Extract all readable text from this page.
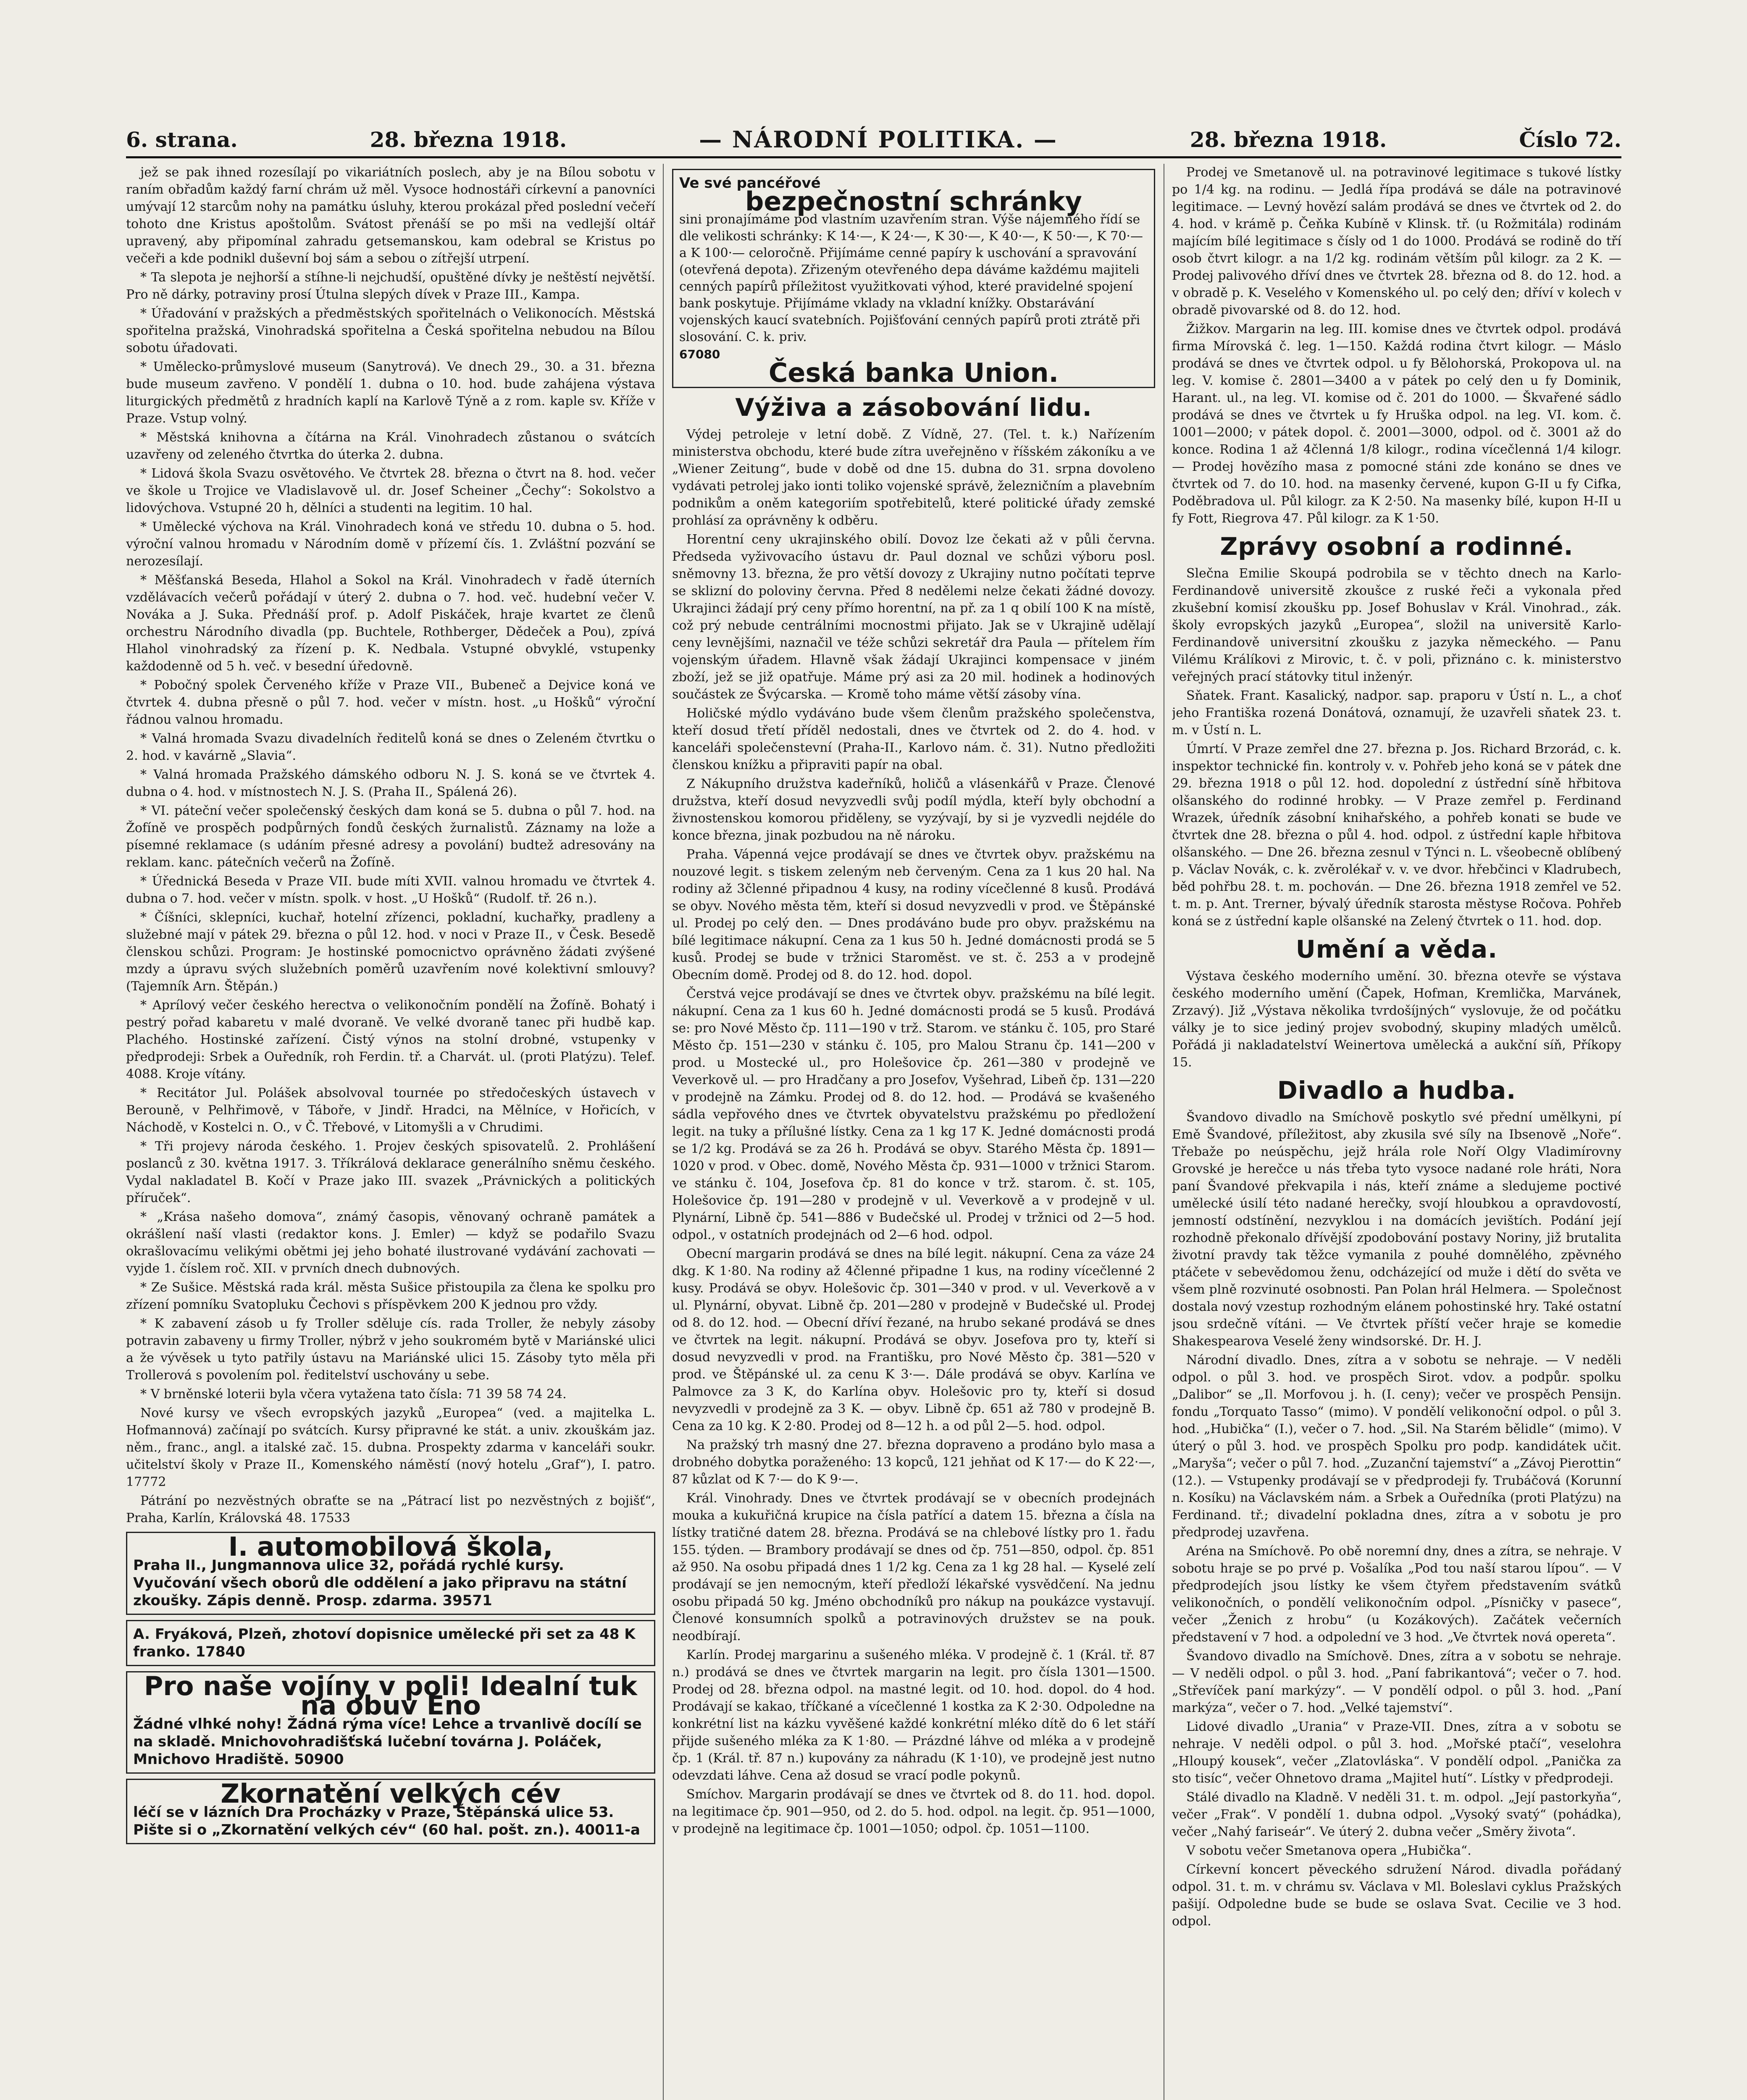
6. strana.	28. března 1918.	— NÁRODNÍ POLITIKA. —	28. března 1918.	Číslo 72.

jež se pak ihned rozesílají po vikariátních poslech, aby je na Bílou sobotu v raním obřadům každý farní chrám už měl. Vysoce hodnostáři církevní a panovníci umývají 12 starcům nohy na památku úsluhy, kterou prokázal před poslední večeří tohoto dne Kristus apoštolům. Svátost přenáší se po mši na vedlejší oltář upravený, aby připomínal zahradu getsemanskou, kam odebral se Kristus po večeři a kde podnikl duševní boj sám a sebou o zítřejší utrpení.

* Ta slepota je nejhorší a stíhne-li nejchudší, opuštěné dívky je neštěstí největší. Pro ně dárky, potraviny prosí Útulna slepých dívek v Praze III., Kampa.

* Úřadování v pražských a předměstských spořitelnách o Velikonocích. Městská spořitelna pražská, Vinohradská spořitelna a Česká spořitelna nebudou na Bílou sobotu úřadovati.

* Umělecko-průmyslové museum (Sanytrová). Ve dnech 29., 30. a 31. března bude museum zavřeno. V pondělí 1. dubna o 10. hod. bude zahájena výstava liturgických předmětů z hradních kaplí na Karlově Týně a z rom. kaple sv. Kříže v Praze. Vstup volný.

* Městská knihovna a čítárna na Král. Vinohradech zůstanou o svátcích uzavřeny od zeleného čtvrtka do úterka 2. dubna.

* Lidová škola Svazu osvětového. Ve čtvrtek 28. března o čtvrt na 8. hod. večer ve škole u Trojice ve Vladislavově ul. dr. Josef Scheiner „Čechy“: Sokolstvo a lidovýchova. Vstupné 20 h, dělníci a studenti na legitim. 10 hal.

* Umělecké výchova na Král. Vinohradech koná ve středu 10. dubna o 5. hod. výroční valnou hromadu v Národním domě v přízemí čís. 1. Zvláštní pozvání se nerozesílají.

* Měšťanská Beseda, Hlahol a Sokol na Král. Vinohradech v řadě úterních vzdělávacích večerů pořádají v úterý 2. dubna o 7. hod. več. hudební večer V. Nováka a J. Suka. Přednáší prof. p. Adolf Piskáček, hraje kvartet ze členů orchestru Národního divadla (pp. Buchtele, Rothberger, Dědeček a Pou), zpívá Hlahol vinohradský za řízení p. K. Nedbala. Vstupné obvyklé, vstupenky každodenně od 5 h. več. v besední úředovně.

* Pobočný spolek Červeného kříže v Praze VII., Bubeneč a Dejvice koná ve čtvrtek 4. dubna přesně o půl 7. hod. večer v místn. host. „u Hošků“ výroční řádnou valnou hromadu.

* Valná hromada Svazu divadelních ředitelů koná se dnes o Zeleném čtvrtku o 2. hod. v kavárně „Slavia“.

* Valná hromada Pražského dámského odboru N. J. S. koná se ve čtvrtek 4. dubna o 4. hod. v místnostech N. J. S. (Praha II., Spálená 26).

* VI. páteční večer společenský českých dam koná se 5. dubna o půl 7. hod. na Žofíně ve prospěch podpůrných fondů českých žurnalistů. Záznamy na lože a písemné reklamace (s udáním přesné adresy a povolání) budtež adresovány na reklam. kanc. pátečních večerů na Žofíně.

* Úřednická Beseda v Praze VII. bude míti XVII. valnou hromadu ve čtvrtek 4. dubna o 7. hod. večer v místn. spolk. v host. „U Hošků“ (Rudolf. tř. 26 n.).

* Číšníci, sklepníci, kuchař, hotelní zřízenci, pokladní, kuchařky, pradleny a služebné mají v pátek 29. března o půl 12. hod. v noci v Praze II., v Česk. Besedě členskou schůzi. Program: Je hostinské pomocnictvo oprávněno žádati zvýšené mzdy a úpravu svých služebních poměrů uzavřením nové kolektivní smlouvy? (Tajemník Arn. Štěpán.)

* Aprílový večer českého herectva o velikonočním pondělí na Žofíně. Bohatý i pestrý pořad kabaretu v malé dvoraně. Ve velké dvoraně tanec při hudbě kap. Plachého. Hostinské zařízení. Čistý výnos na stolní drobné, vstupenky v předprodeji: Srbek a Ouředník, roh Ferdin. tř. a Charvát. ul. (proti Platýzu). Telef. 4088. Kroje vítány.

* Recitátor Jul. Polášek absolvoval tournée po středočeských ústavech v Berouně, v Pelhřimově, v Táboře, v Jindř. Hradci, na Mělníce, v Hořicích, v Náchodě, v Kostelci n. O., v Č. Třebové, v Litomyšli a v Chrudimi.

* Tři projevy národa českého. 1. Projev českých spisovatelů. 2. Prohlášení poslanců z 30. května 1917. 3. Tříkrálová deklarace generálního sněmu českého. Vydal nakladatel B. Kočí v Praze jako III. svazek „Právnických a politických příruček“.

* „Krása našeho domova“, známý časopis, věnovaný ochraně památek a okrášlení naší vlasti (redaktor kons. J. Emler) — když se podařilo Svazu okrašlovacímu velikými obětmi jej jeho bohaté ilustrované vydávání zachovati — vyjde 1. číslem roč. XII. v prvních dnech dubnových.

* Ze Sušice. Městská rada král. města Sušice přistoupila za člena ke spolku pro zřízení pomníku Svatopluku Čechovi s příspěvkem 200 K jednou pro vždy.

* K zabavení zásob u fy Troller sděluje cís. rada Troller, že nebyly zásoby potravin zabaveny u firmy Troller, nýbrž v jeho soukromém bytě v Mariánské ulici a že vývěsek u tyto patřily ústavu na Mariánské ulici 15. Zásoby tyto měla při Trollerová s povolením pol. ředitelství uschovány u sebe.

* V brněnské loterii byla včera vytažena tato čísla: 71 39 58 74 24.

Nové kursy ve všech evropských jazyků „Europea“ (ved. a majitelka L. Hofmannová) začínají po svátcích. Kursy připravné ke stát. a univ. zkouškám jaz. něm., franc., angl. a italské zač. 15. dubna. Prospekty zdarma v kanceláři soukr. učitelství školy v Praze II., Komenského náměstí (nový hotelu „Graf“), I. patro. 17772

Pátrání po nezvěstných obraťte se na „Pátrací list po nezvěstných z bojišť“, Praha, Karlín, Královská 48. 17533

I. automobilová škola,
Praha II., Jungmannova ulice 32, pořádá rychlé kursy. Vyučování všech oborů dle oddělení a jako připravu na státní zkoušky. Zápis denně. Prosp. zdarma. 39571
A. Fryáková, Plzeň, zhotoví dopisnice umělecké při set za 48 K franko. 17840
Pro naše vojíny v poli! Idealní tuk na obuv Eno
Žádné vlhké nohy! Žádná rýma více! Lehce a trvanlivě docílí se na skladě. Mnichovohradišťská lučební továrna J. Poláček, Mnichovo Hradiště. 50900
Zkornatění velkých cév
léčí se v lázních Dra Procházky v Praze, Štěpánská ulice 53. Pište si o „Zkornatění velkých cév“ (60 hal. pošt. zn.). 40011-a
Ve své pancéřové
bezpečnostní schránky
sini pronajímáme pod vlastním uzavřením stran. Výše nájemného řídí se dle velikosti schránky: K 14·—, K 24·—, K 30·—, K 40·—, K 50·—, K 70·— a K 100·— celoročně. Přijímáme cenné papíry k uschování a spravování (otevřená depota). Zřizeným otevřeného depa dáváme každému majiteli cenných papírů příležitost využitkovati výhod, které pravidelné spojení bank poskytuje. Přijímáme vklady na vkladní knížky. Obstarávání vojenských kaucí svatebních. Pojišťování cenných papírů proti ztrátě při slosování. C. k. priv.
67080
Česká banka Union.
Výživa a zásobování lidu.

Výdej petroleje v letní době. Z Vídně, 27. (Tel. t. k.) Nařízením ministerstva obchodu, které bude zítra uveřejněno v říšském zákoníku a ve „Wiener Zeitung“, bude v době od dne 15. dubna do 31. srpna dovoleno vydávati petrolej jako ionti toliko vojenské správě, železničním a plavebním podnikům a oněm kategoriím spotřebitelů, které politické úřady zemské prohlásí za oprávněny k odběru.

Horentní ceny ukrajinského obilí. Dovoz lze čekati až v půli června. Předseda vyživovacího ústavu dr. Paul doznal ve schůzi výboru posl. sněmovny 13. března, že pro větší dovozy z Ukrajiny nutno počítati teprve se sklizní do poloviny června. Před 8 nedělemi nelze čekati žádné dovozy. Ukrajinci žádají prý ceny přímo horentní, na př. za 1 q obilí 100 K na místě, což prý nebude centrálními mocnostmi přijato. Jak se v Ukrajině udělají ceny levnějšími, naznačil ve téže schůzi sekretář dra Paula — přítelem řím vojenským úřadem. Hlavně však žádají Ukrajinci kompensace v jiném zboží, jež se již opatřuje. Máme prý asi za 20 mil. hodinek a hodinových součástek ze Švýcarska. — Kromě toho máme větší zásoby vína.

Holičské mýdlo vydáváno bude všem členům pražského společenstva, kteří dosud třetí příděl nedostali, dnes ve čtvrtek od 2. do 4. hod. v kanceláři společenstevní (Praha-II., Karlovo nám. č. 31). Nutno předložiti členskou knížku a připraviti papír na obal.

Z Nákupního družstva kadeřníků, holičů a vlásenkářů v Praze. Členové družstva, kteří dosud nevyzvedli svůj podíl mýdla, kteří byly obchodní a živnostenskou komorou přiděleny, se vyzývají, by si je vyzvedli nejdéle do konce března, jinak pozbudou na ně nároku.

Praha. Vápenná vejce prodávají se dnes ve čtvrtek obyv. pražskému na nouzové legit. s tiskem zeleným neb červeným. Cena za 1 kus 20 hal. Na rodiny až 3členné připadnou 4 kusy, na rodiny vícečlenné 8 kusů. Prodává se obyv. Nového města těm, kteří si dosud nevyzvedli v prod. ve Štěpánské ul. Prodej po celý den. — Dnes prodáváno bude pro obyv. pražskému na bílé legitimace nákupní. Cena za 1 kus 50 h. Jedné domácnosti prodá se 5 kusů. Prodej se bude v tržnici Staroměst. ve st. č. 253 a v prodejně Obecním domě. Prodej od 8. do 12. hod. dopol.

Čerstvá vejce prodávají se dnes ve čtvrtek obyv. pražskému na bílé legit. nákupní. Cena za 1 kus 60 h. Jedné domácnosti prodá se 5 kusů. Prodává se: pro Nové Město čp. 111—190 v trž. Starom. ve stánku č. 105, pro Staré Město čp. 151—230 v stánku č. 105, pro Malou Stranu čp. 141—200 v prod. u Mostecké ul., pro Holešovice čp. 261—380 v prodejně ve Veverkově ul. — pro Hradčany a pro Josefov, Vyšehrad, Libeň čp. 131—220 v prodejně na Zámku. Prodej od 8. do 12. hod. — Prodává se kvašeného sádla vepřového dnes ve čtvrtek obyvatelstvu pražskému po předložení legit. na tuky a přílušné lístky. Cena za 1 kg 17 K. Jedné domácnosti prodá se 1/2 kg. Prodává se za 26 h. Prodává se obyv. Starého Města čp. 1891—1020 v prod. v Obec. domě, Nového Města čp. 931—1000 v tržnici Starom. ve stánku č. 104, Josefova čp. 81 do konce v trž. starom. č. st. 105, Holešovice čp. 191—280 v prodejně v ul. Veverkově a v prodejně v ul. Plynární, Libně čp. 541—886 v Budečské ul. Prodej v tržnici od 2—5 hod. odpol., v ostatních prodejnách od 2—6 hod. odpol.

Obecní margarin prodává se dnes na bílé legit. nákupní. Cena za váze 24 dkg. K 1·80. Na rodiny až 4členné připadne 1 kus, na rodiny vícečlenné 2 kusy. Prodává se obyv. Holešovic čp. 301—340 v prod. v ul. Veverkově a v ul. Plynární, obyvat. Libně čp. 201—280 v prodejně v Budečské ul. Prodej od 8. do 12. hod. — Obecní dříví řezané, na hrubo sekané prodává se dnes ve čtvrtek na legit. nákupní. Prodává se obyv. Josefova pro ty, kteří si dosud nevyzvedli v prod. na Františku, pro Nové Město čp. 381—520 v prod. ve Štěpánské ul. za cenu K 3·—. Dále prodává se obyv. Karlína ve Palmovce za 3 K, do Karlína obyv. Holešovic pro ty, kteří si dosud nevyzvedli v prodejně za 3 K. — obyv. Libně čp. 651 až 780 v prodejně B. Cena za 10 kg. K 2·80. Prodej od 8—12 h. a od půl 2—5. hod. odpol.

Na pražský trh masný dne 27. března dopraveno a prodáno bylo masa a drobného dobytka poraženého: 13 kopců, 121 jehňat od K 17·— do K 22·—, 87 kůzlat od K 7·— do K 9·—.

Král. Vinohrady. Dnes ve čtvrtek prodávají se v obecních prodejnách mouka a kukuřičná krupice na čísla patřící a datem 15. března a čísla na lístky tratičné datem 28. března. Prodává se na chlebové lístky pro 1. řadu 155. týden. — Brambory prodávají se dnes od čp. 751—850, odpol. čp. 851 až 950. Na osobu připadá dnes 1 1/2 kg. Cena za 1 kg 28 hal. — Kyselé zelí prodávají se jen nemocným, kteří předloží lékařské vysvědčení. Na jednu osobu připadá 50 kg. Jméno obchodníků pro nákup na poukázce vystavují. Členové konsumních spolků a potravinových družstev se na pouk. neodbírají.

Karlín. Prodej margarinu a sušeného mléka. V prodejně č. 1 (Král. tř. 87 n.) prodává se dnes ve čtvrtek margarin na legit. pro čísla 1301—1500. Prodej od 28. března odpol. na mastné legit. od 10. hod. dopol. do 4 hod. Prodávají se kakao, tříčkané a vícečlenné 1 kostka za K 2·30. Odpoledne na konkrétní list na kázku vyvěšené každé konkrétní mléko dítě do 6 let stáří přijde sušeného mléka za K 1·80. — Prázdné láhve od mléka a v prodejně čp. 1 (Král. tř. 87 n.) kupovány za náhradu (K 1·10), ve prodejně jest nutno odevzdati láhve. Cena až dosud se vrací podle pokynů.

Smíchov. Margarin prodávají se dnes ve čtvrtek od 8. do 11. hod. dopol. na legitimace čp. 901—950, od 2. do 5. hod. odpol. na legit. čp. 951—1000, v prodejně na legitimace čp. 1001—1050; odpol. čp. 1051—1100.

Prodej ve Smetanově ul. na potravinové legitimace s tukové lístky po 1/4 kg. na rodinu. — Jedlá řípa prodává se dále na potravinové legitimace. — Levný hovězí salám prodává se dnes ve čtvrtek od 2. do 4. hod. v krámě p. Čeňka Kubíně v Klinsk. tř. (u Rožmitála) rodinám majícím bílé legitimace s čísly od 1 do 1000. Prodává se rodině do tří osob čtvrt kilogr. a na 1/2 kg. rodinám větším půl kilogr. za 2 K. — Prodej palivového dříví dnes ve čtvrtek 28. března od 8. do 12. hod. a v obradě p. K. Veselého v Komenského ul. po celý den; dříví v kolech v obradě pivovarské od 8. do 12. hod.

Žižkov. Margarin na leg. III. komise dnes ve čtvrtek odpol. prodává firma Mírovská č. leg. 1—150. Každá rodina čtvrt kilogr. — Máslo prodává se dnes ve čtvrtek odpol. u fy Bělohorská, Prokopova ul. na leg. V. komise č. 2801—3400 a v pátek po celý den u fy Dominik, Harant. ul., na leg. VI. komise od č. 201 do 1000. — Škvařené sádlo prodává se dnes ve čtvrtek u fy Hruška odpol. na leg. VI. kom. č. 1001—2000; v pátek dopol. č. 2001—3000, odpol. od č. 3001 až do konce. Rodina 1 až 4členná 1/8 kilogr., rodina vícečlenná 1/4 kilogr. — Prodej hovězího masa z pomocné stáni zde konáno se dnes ve čtvrtek od 7. do 10. hod. na masenky červené, kupon G-II u fy Cifka, Poděbradova ul. Půl kilogr. za K 2·50. Na masenky bílé, kupon H-II u fy Fott, Riegrova 47. Půl kilogr. za K 1·50.

Zprávy osobní a rodinné.

Slečna Emilie Skoupá podrobila se v těchto dnech na Karlo-Ferdinandově universitě zkoušce z ruské řeči a vykonala před zkušební komisí zkoušku pp. Josef Bohuslav v Král. Vinohrad., zák. školy evropských jazyků „Europea“, složil na universitě Karlo-Ferdinandově universitní zkoušku z jazyka německého. — Panu Vilému Králíkovi z Mirovic, t. č. v poli, přiznáno c. k. ministerstvo veřejných prací státovky titul inženýr.

Sňatek. Frant. Kasalický, nadpor. sap. praporu v Ústí n. L., a choť jeho Františka rozená Donátová, oznamují, že uzavřeli sňatek 23. t. m. v Ústí n. L.

Úmrtí. V Praze zemřel dne 27. března p. Jos. Richard Brzorád, c. k. inspektor technické fin. kontroly v. v. Pohřeb jeho koná se v pátek dne 29. března 1918 o půl 12. hod. dopolední z ústřední síně hřbitova olšanského do rodinné hrobky. — V Praze zemřel p. Ferdinand Wrazek, úředník zásobní knihařského, a pohřeb konati se bude ve čtvrtek dne 28. března o půl 4. hod. odpol. z ústřední kaple hřbitova olšanského. — Dne 26. března zesnul v Týnci n. L. všeobecně oblíbený p. Václav Novák, c. k. zvěrolékař v. v. ve dvor. hřebčinci v Kladrubech, běd pohřbu 28. t. m. pochován. — Dne 26. března 1918 zemřel ve 52. t. m. p. Ant. Trerner, bývalý úředník starosta městyse Ročova. Pohřeb koná se z ústřední kaple olšanské na Zelený čtvrtek o 11. hod. dop.

Umění a věda.

Výstava českého moderního umění. 30. března otevře se výstava českého moderního umění (Čapek, Hofman, Kremlička, Marvánek, Zrzavý). Již „Výstava několika tvrdošíjných“ vyslovuje, že od počátku války je to sice jediný projev svobodný, skupiny mladých umělců. Pořádá ji nakladatelství Weinertova umělecká a aukční síň, Příkopy 15.

Divadlo a hudba.

Švandovo divadlo na Smíchově poskytlo své přední umělkyni, pí Emě Švandové, příležitost, aby zkusila své síly na Ibsenově „Noře“. Třebaže po neúspěchu, jejž hrála role Noří Olgy Vladimírovny Grovské je herečce u nás třeba tyto vysoce nadané role hráti, Nora paní Švandové překvapila i nás, kteří známe a sledujeme poctivé umělecké úsilí této nadané herečky, svojí hloubkou a opravdovostí, jemností odstínění, nezvyklou i na domácích jevištích. Podání její rozhodně překonalo dřívější zpodobování postavy Noriny, již brutalita životní pravdy tak těžce vymanila z pouhé domnělého, zpěvného ptáčete v sebevědomou ženu, odcházející od muže i dětí do světa ve všem plně rozvinuté osobnosti. Pan Polan hrál Helmera. — Společnost dostala nový vzestup rozhodným elánem pohostinské hry. Také ostatní jsou srdečně vítáni. — Ve čtvrtek příští večer hraje se komedie Shakespearova Veselé ženy windsorské. Dr. H. J.

Národní divadlo. Dnes, zítra a v sobotu se nehraje. — V neděli odpol. o půl 3. hod. ve prospěch Sirot. vdov. a podpůr. spolku „Dalibor“ se „Il. Morfovou j. h. (I. ceny); večer ve prospěch Pensijn. fondu „Torquato Tasso“ (mimo). V pondělí velikonoční odpol. o půl 3. hod. „Hubička“ (I.), večer o 7. hod. „Sil. Na Starém bělidle“ (mimo). V úterý o půl 3. hod. ve prospěch Spolku pro podp. kandidátek učit. „Maryša“; večer o půl 7. hod. „Zuzanční tajemství“ a „Závoj Pierottin“ (12.). — Vstupenky prodávají se v předprodeji fy. Trubáčová (Korunní n. Kosíku) na Václavském nám. a Srbek a Ouředníka (proti Platýzu) na Ferdinand. tř.; divadelní pokladna dnes, zítra a v sobotu je pro předprodej uzavřena.

Aréna na Smíchově. Po obě noremní dny, dnes a zítra, se nehraje. V sobotu hraje se po prvé p. Vošalíka „Pod tou naší starou lípou“. — V předprodejích jsou lístky ke všem čtyřem představením svátků velikonočních, o pondělí velikonočním odpol. „Písničky v pasece“, večer „Ženich z hrobu“ (u Kozákových). Začátek večerních představení v 7 hod. a odpolední ve 3 hod. „Ve čtvrtek nová opereta“.

Švandovo divadlo na Smíchově. Dnes, zítra a v sobotu se nehraje. — V neděli odpol. o půl 3. hod. „Paní fabrikantová“; večer o 7. hod. „Střevíček paní markýzy“. — V pondělí odpol. o půl 3. hod. „Paní markýza“, večer o 7. hod. „Velké tajemství“.

Lidové divadlo „Urania“ v Praze-VII. Dnes, zítra a v sobotu se nehraje. V neděli odpol. o půl 3. hod. „Mořské ptačí“, veselohra „Hloupý kousek“, večer „Zlatovláska“. V pondělí odpol. „Panička za sto tisíc“, večer Ohnetovo drama „Majitel hutí“. Lístky v předprodeji.

Stálé divadlo na Kladně. V neděli 31. t. m. odpol. „Její pastorkyňa“, večer „Frak“. V pondělí 1. dubna odpol. „Vysoký svatý“ (pohádka), večer „Nahý fariseár“. Ve úterý 2. dubna večer „Směry života“.

V sobotu večer Smetanova opera „Hubička“.

Církevní koncert pěveckého sdružení Národ. divadla pořádaný odpol. 31. t. m. v chrámu sv. Václava v Ml. Boleslavi cyklus Pražských pašijí. Odpoledne bude se bude se oslava Svat. Cecilie ve 3 hod. odpol.
